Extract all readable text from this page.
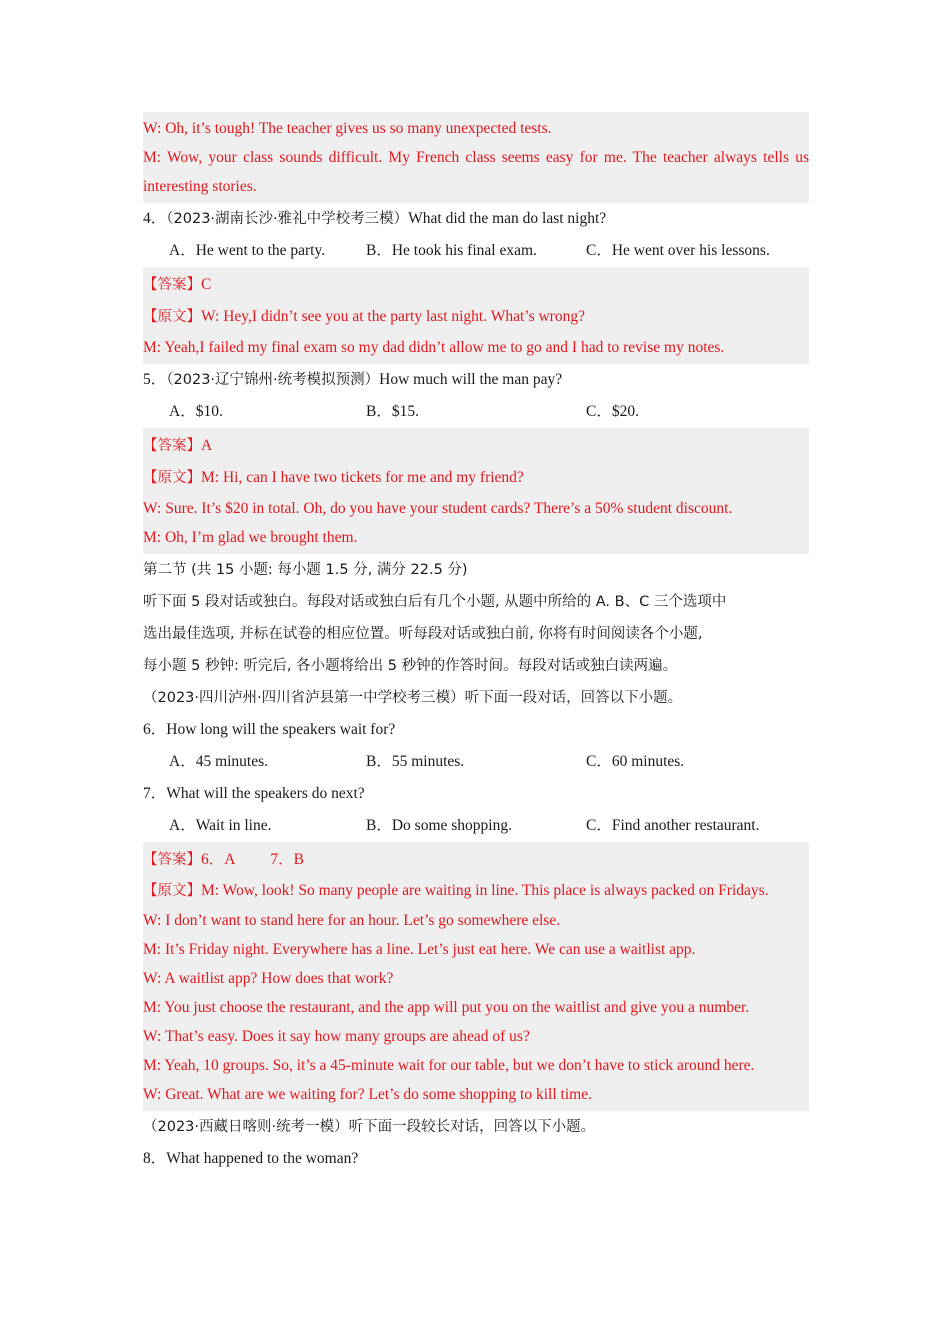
W: Oh, it’s tough! The teacher gives us so many unexpected tests.
M: Wow, your class sounds difficult. My French class seems easy for me. The teacher always tells us interesting stories.
4．（2023·湖南长沙·雅礼中学校考三模）What did the man do last night?
A．He went to the party.	B．He took his final exam.	C．He went over his lessons.
【答案】C
【原文】W: Hey,I didn’t see you at the party last night. What’s wrong?
M: Yeah,I failed my final exam so my dad didn’t allow me to go and I had to revise my notes.
5．（2023·辽宁锦州·统考模拟预测）How much will the man pay?
A．$10.	B．$15.	C．$20.
【答案】A
【原文】M: Hi, can I have two tickets for me and my friend?
W: Sure. It’s $20 in total. Oh, do you have your student cards? There’s a 50% student discount.
M: Oh, I’m glad we brought them.
第二节 (共 15 小题: 每小题 1.5 分, 满分 22.5 分)
听下面 5 段对话或独白。每段对话或独白后有几个小题, 从题中所给的 A. B、C 三个选项中
选出最佳选项, 并标在试卷的相应位置。听每段对话或独白前, 你将有时间阅读各个小题,
每小题 5 秒钟: 听完后, 各小题将给出 5 秒钟的作答时间。每段对话或独白读两遍。
（2023·四川泸州·四川省泸县第一中学校考三模）听下面一段对话，回答以下小题。
6．How long will the speakers wait for?
A．45 minutes.	B．55 minutes.	C．60 minutes.
7．What will the speakers do next?
A．Wait in line.	B．Do some shopping.	C．Find another restaurant.
【答案】6．A   7．B
【原文】M: Wow, look! So many people are waiting in line. This place is always packed on Fridays.
W: I don’t want to stand here for an hour. Let’s go somewhere else.
M: It’s Friday night. Everywhere has a line. Let’s just eat here. We can use a waitlist app.
W: A waitlist app? How does that work?
M: You just choose the restaurant, and the app will put you on the waitlist and give you a number.
W: That’s easy. Does it say how many groups are ahead of us?
M: Yeah, 10 groups. So, it’s a 45-minute wait for our table, but we don’t have to stick around here.
W: Great. What are we waiting for? Let’s do some shopping to kill time.
（2023·西藏日喀则·统考一模）听下面一段较长对话，回答以下小题。
8．What happened to the woman?
